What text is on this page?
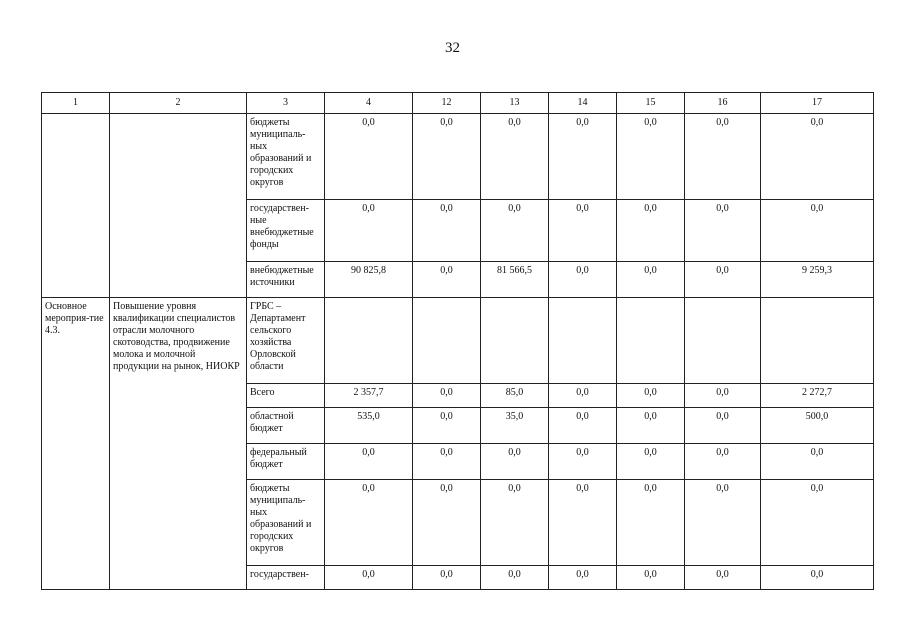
32
1	2	3	4	12	13	14	15	16	17
		бюджеты муниципаль-ных образований и городских округов	0,0	0,0	0,0	0,0	0,0	0,0	0,0
		государствен-ные внебюджетные фонды	0,0	0,0	0,0	0,0	0,0	0,0	0,0
		внебюджетные источники	90 825,8	0,0	81 566,5	0,0	0,0	0,0	9 259,3
Основное мероприя-тие 4.3.	Повышение уровня квалификации специалистов отрасли молочного скотоводства, продвижение молока и молочной продукции на рынок, НИОКР	ГРБС – Департамент сельского хозяйства Орловской области							
		Всего	2 357,7	0,0	85,0	0,0	0,0	0,0	2 272,7
		областной бюджет	535,0	0,0	35,0	0,0	0,0	0,0	500,0
		федеральный бюджет	0,0	0,0	0,0	0,0	0,0	0,0	0,0
		бюджеты муниципаль-ных образований и городских округов	0,0	0,0	0,0	0,0	0,0	0,0	0,0
		государствен-	0,0	0,0	0,0	0,0	0,0	0,0	0,0
